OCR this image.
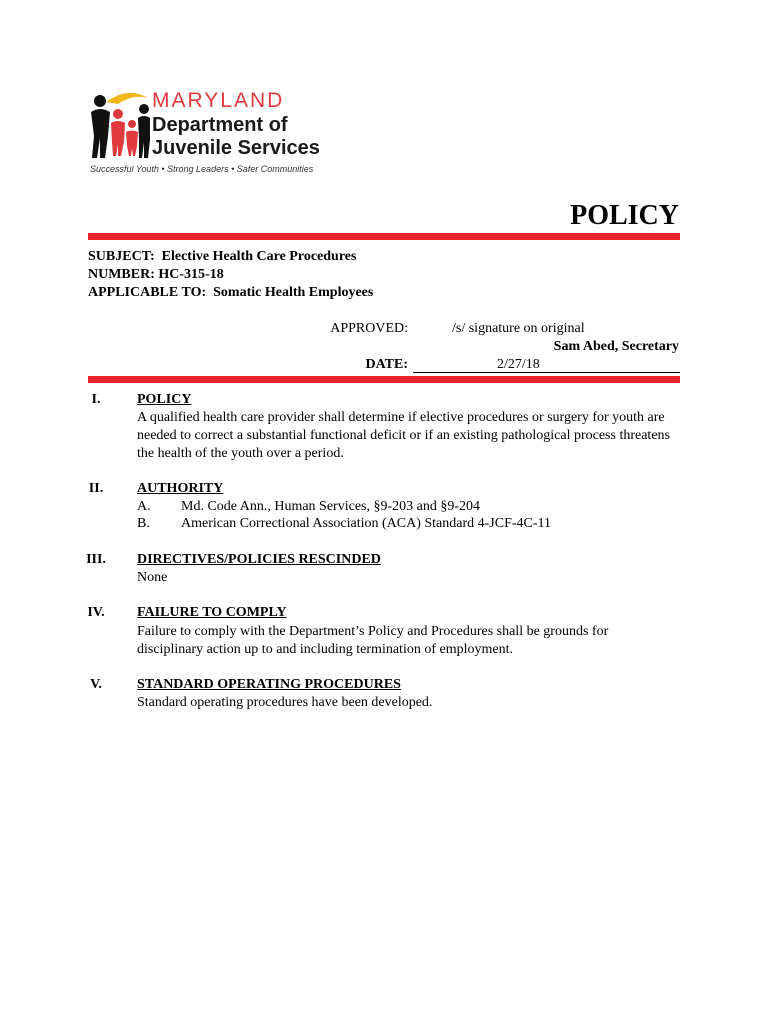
MARYLAND
Department of
Juvenile Services
Successful Youth • Strong Leaders • Safer Communities
POLICY
SUBJECT: Elective Health Care Procedures
NUMBER: HC-315-18
APPLICABLE TO: Somatic Health Employees
APPROVED:	/s/ signature on original
Sam Abed, Secretary
DATE:	2/27/18
I.	POLICY
A qualified health care provider shall determine if elective procedures or surgery for youth are needed to correct a substantial functional deficit or if an existing pathological process threatens the health of the youth over a period.
II.	AUTHORITY
A. Md. Code Ann., Human Services, §9-203 and §9-204
B. American Correctional Association (ACA) Standard 4-JCF-4C-11
III.	DIRECTIVES/POLICIES RESCINDED
None
IV.	FAILURE TO COMPLY
Failure to comply with the Department’s Policy and Procedures shall be grounds for disciplinary action up to and including termination of employment.
V.	STANDARD OPERATING PROCEDURES
Standard operating procedures have been developed.
